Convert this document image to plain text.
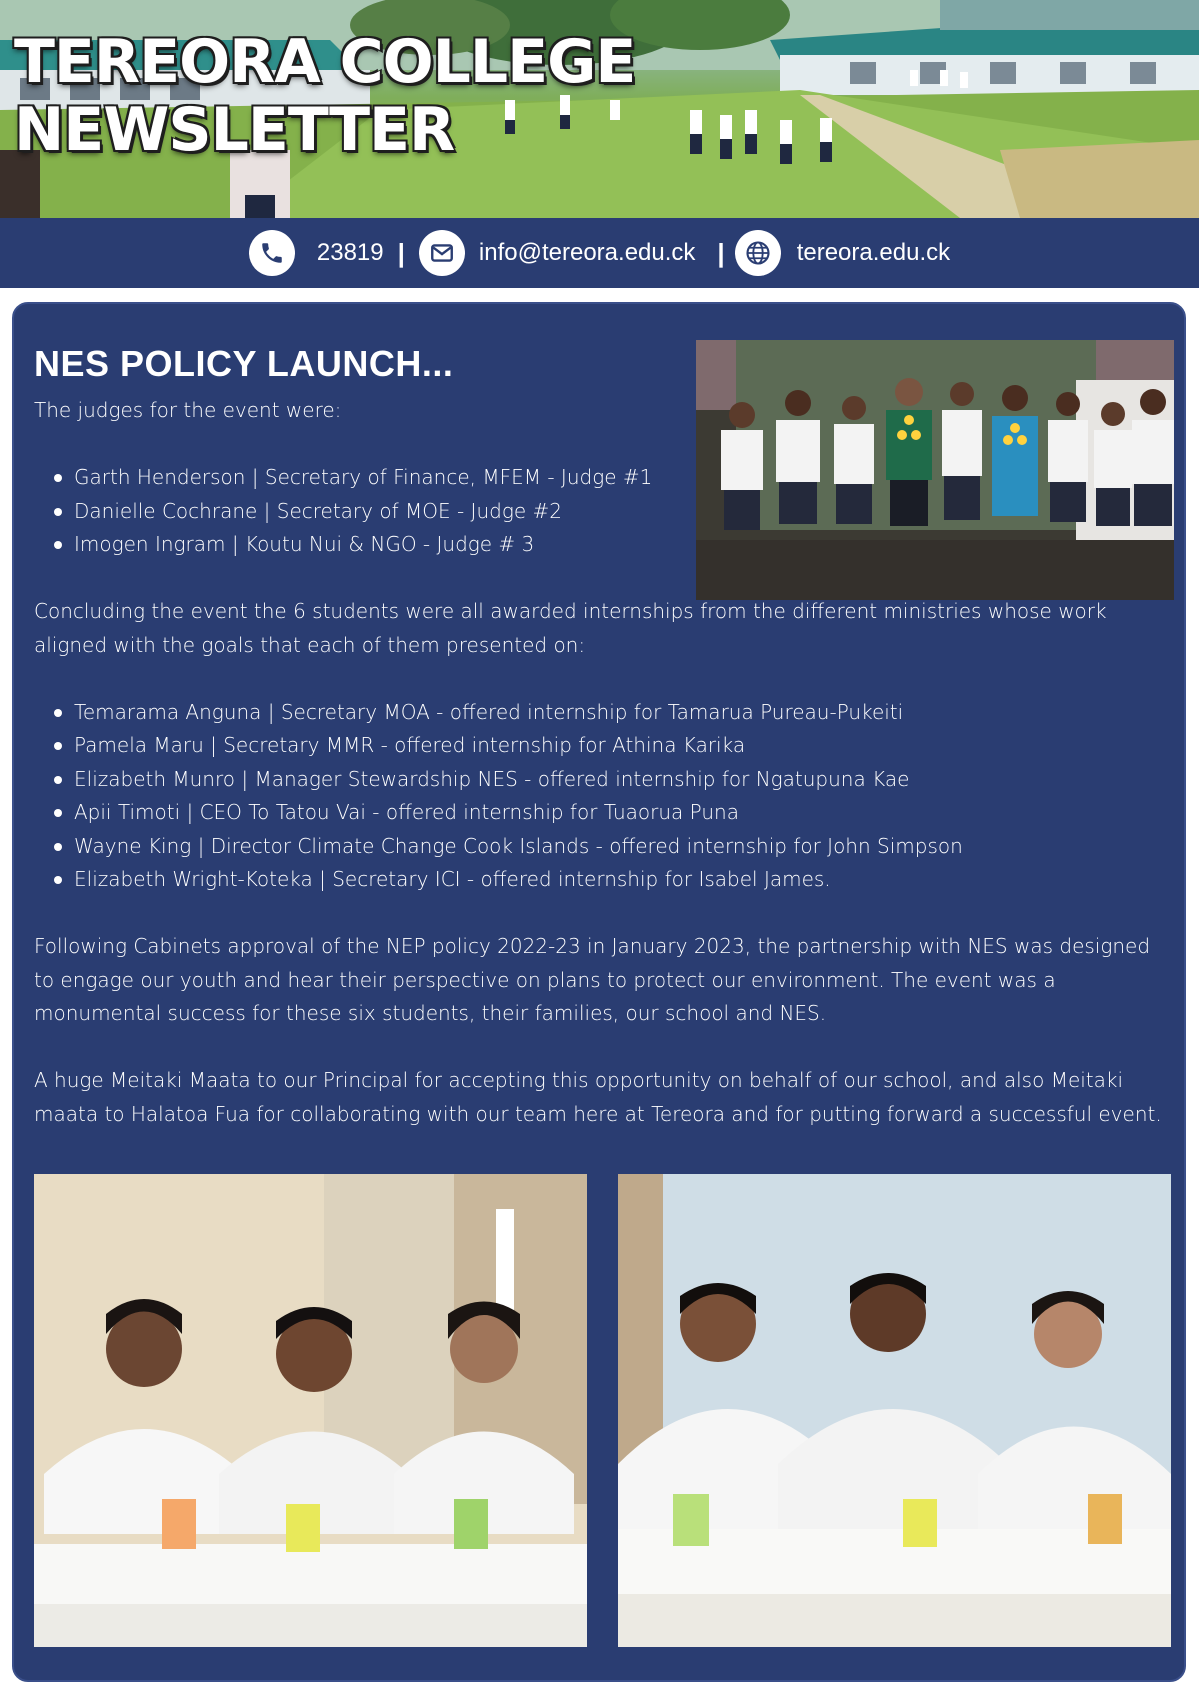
TEREORA COLLEGE
NEWSLETTER
23819 |	info@tereora.edu.ck |	tereora.edu.ck
NES POLICY LAUNCH...
The judges for the event were:
Garth Henderson | Secretary of Finance, MFEM - Judge #1
Danielle Cochrane | Secretary of MOE - Judge #2
Imogen Ingram | Koutu Nui & NGO - Judge # 3
Concluding the event the 6 students were all awarded internships from the different ministries whose work aligned with the goals that each of them presented on:
Temarama Anguna | Secretary MOA - offered internship for Tamarua Pureau-Pukeiti
Pamela Maru | Secretary MMR - offered internship for Athina Karika
Elizabeth Munro | Manager Stewardship NES - offered internship for Ngatupuna Kae
Apii Timoti | CEO To Tatou Vai - offered internship for Tuaorua Puna
Wayne King | Director Climate Change Cook Islands - offered internship for John Simpson
Elizabeth Wright-Koteka | Secretary ICI - offered internship for Isabel James.
Following Cabinets approval of the NEP policy 2022-23 in January 2023, the partnership with NES was designed to engage our youth and hear their perspective on plans to protect our environment. The event was a monumental success for these six students, their families, our school and NES.
A huge Meitaki Maata to our Principal for accepting this opportunity on behalf of our school, and also Meitaki maata to Halatoa Fua for collaborating with our team here at Tereora and for putting forward a successful event.
